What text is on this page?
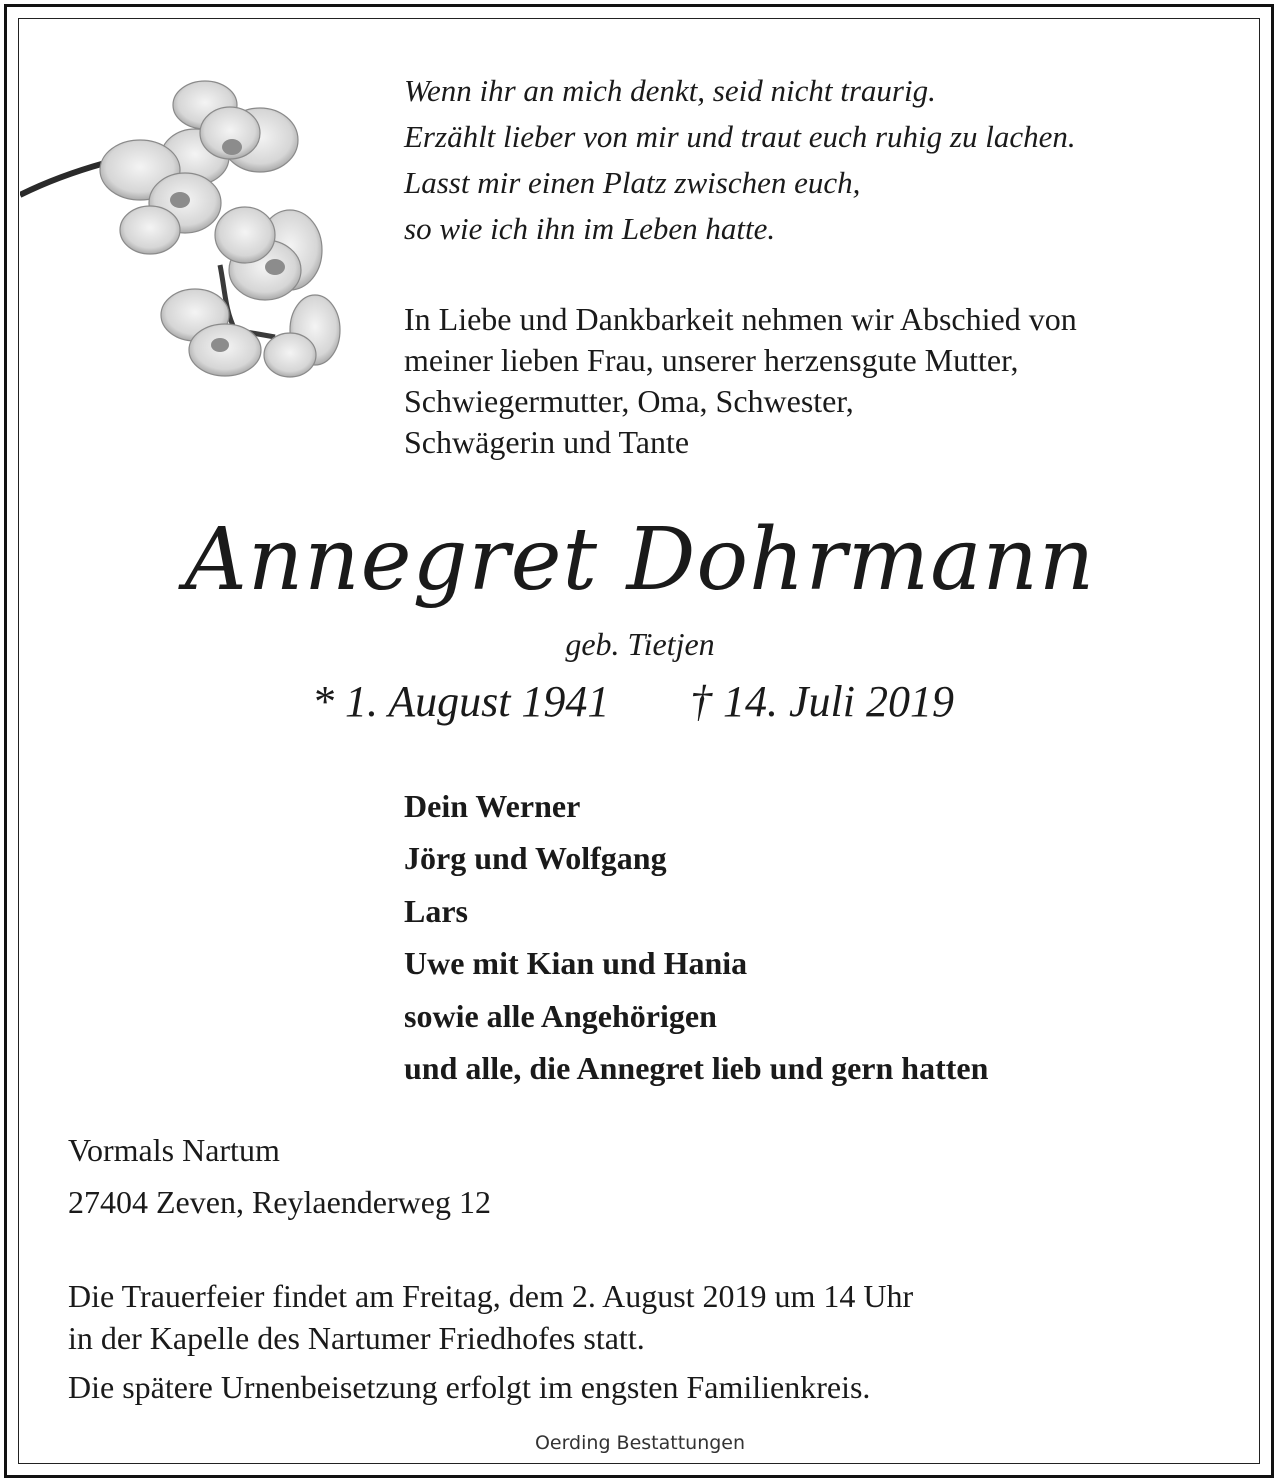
Wenn ihr an mich denkt, seid nicht traurig.
Erzählt lieber von mir und traut euch ruhig zu lachen.
Lasst mir einen Platz zwischen euch,
so wie ich ihn im Leben hatte.
In Liebe und Dankbarkeit nehmen wir Abschied von
meiner lieben Frau, unserer herzensgute Mutter,
Schwiegermutter, Oma, Schwester,
Schwägerin und Tante
Annegret Dohrmann
geb. Tietjen
* 1. August 1941 † 14. Juli 2019
Dein Werner
Jörg und Wolfgang
Lars
Uwe mit Kian und Hania
sowie alle Angehörigen
und alle, die Annegret lieb und gern hatten
Vormals Nartum
27404 Zeven, Reylaenderweg 12
Die Trauerfeier findet am Freitag, dem 2. August 2019 um 14 Uhr
in der Kapelle des Nartumer Friedhofes statt.
Die spätere Urnenbeisetzung erfolgt im engsten Familienkreis.
Oerding Bestattungen
